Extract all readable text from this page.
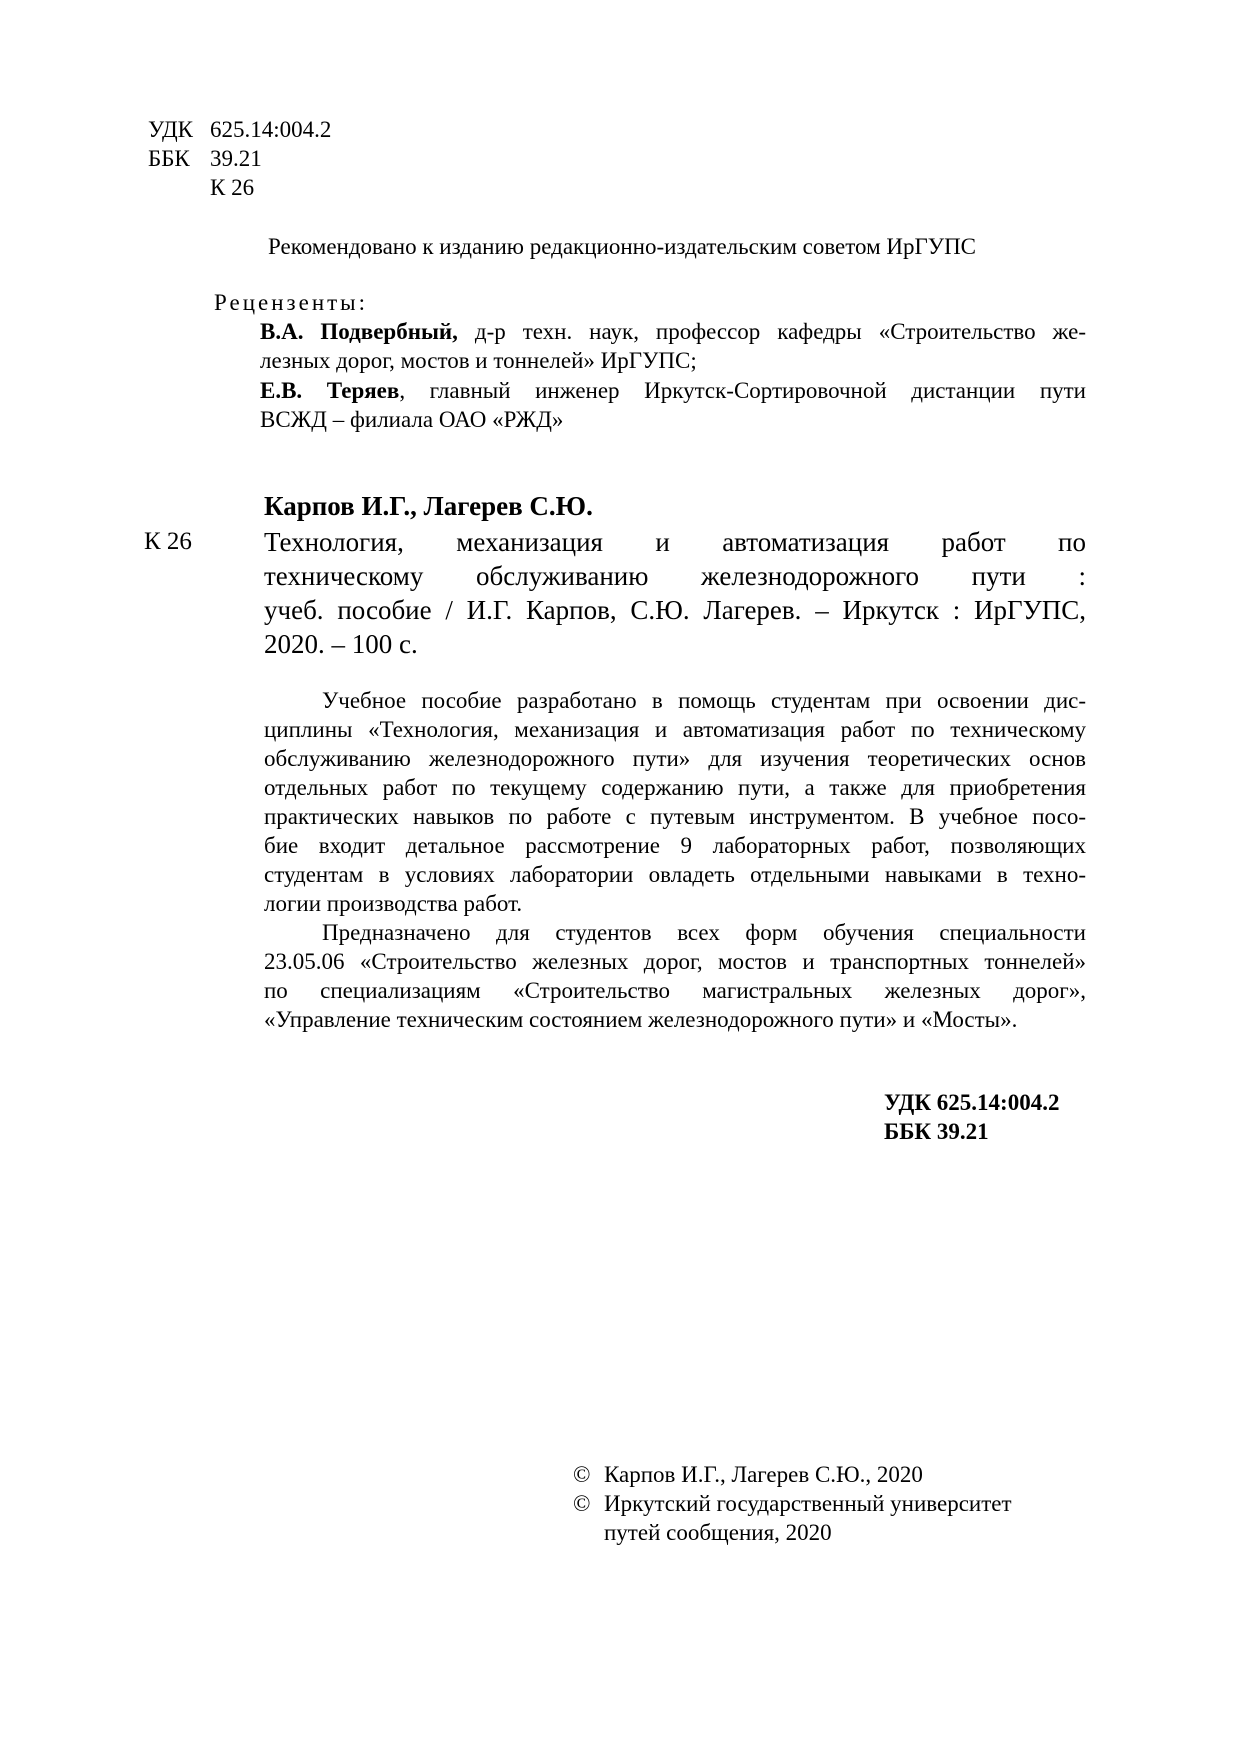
УДК 625.14:004.2
ББК 39.21
К 26
Рекомендовано к изданию редакционно-издательским советом ИрГУПС
Рецензенты:
В.А. Подвербный, д-р техн. наук, профессор кафедры «Строительство же-
лезных дорог, мостов и тоннелей» ИрГУПС;
Е.В. Теряев, главный инженер Иркутск-Сортировочной дистанции пути
ВСЖД – филиала ОАО «РЖД»
Карпов И.Г., Лагерев С.Ю.
К 26	Технология, механизация и автоматизация работ по
техническому обслуживанию железнодорожного пути :
учеб. пособие / И.Г. Карпов, С.Ю. Лагерев. – Иркутск : ИрГУПС,
2020. – 100 с.
Учебное пособие разработано в помощь студентам при освоении дис-
циплины «Технология, механизация и автоматизация работ по техническому
обслуживанию железнодорожного пути» для изучения теоретических основ
отдельных работ по текущему содержанию пути, а также для приобретения
практических навыков по работе с путевым инструментом. В учебное посо-
бие входит детальное рассмотрение 9 лабораторных работ, позволяющих
студентам в условиях лаборатории овладеть отдельными навыками в техно-
логии производства работ.
Предназначено для студентов всех форм обучения специальности
23.05.06 «Строительство железных дорог, мостов и транспортных тоннелей»
по специализациям «Строительство магистральных железных дорог»,
«Управление техническим состоянием железнодорожного пути» и «Мосты».
УДК 625.14:004.2
ББК 39.21
© Карпов И.Г., Лагерев С.Ю., 2020
© Иркутский государственный университет
путей сообщения, 2020
